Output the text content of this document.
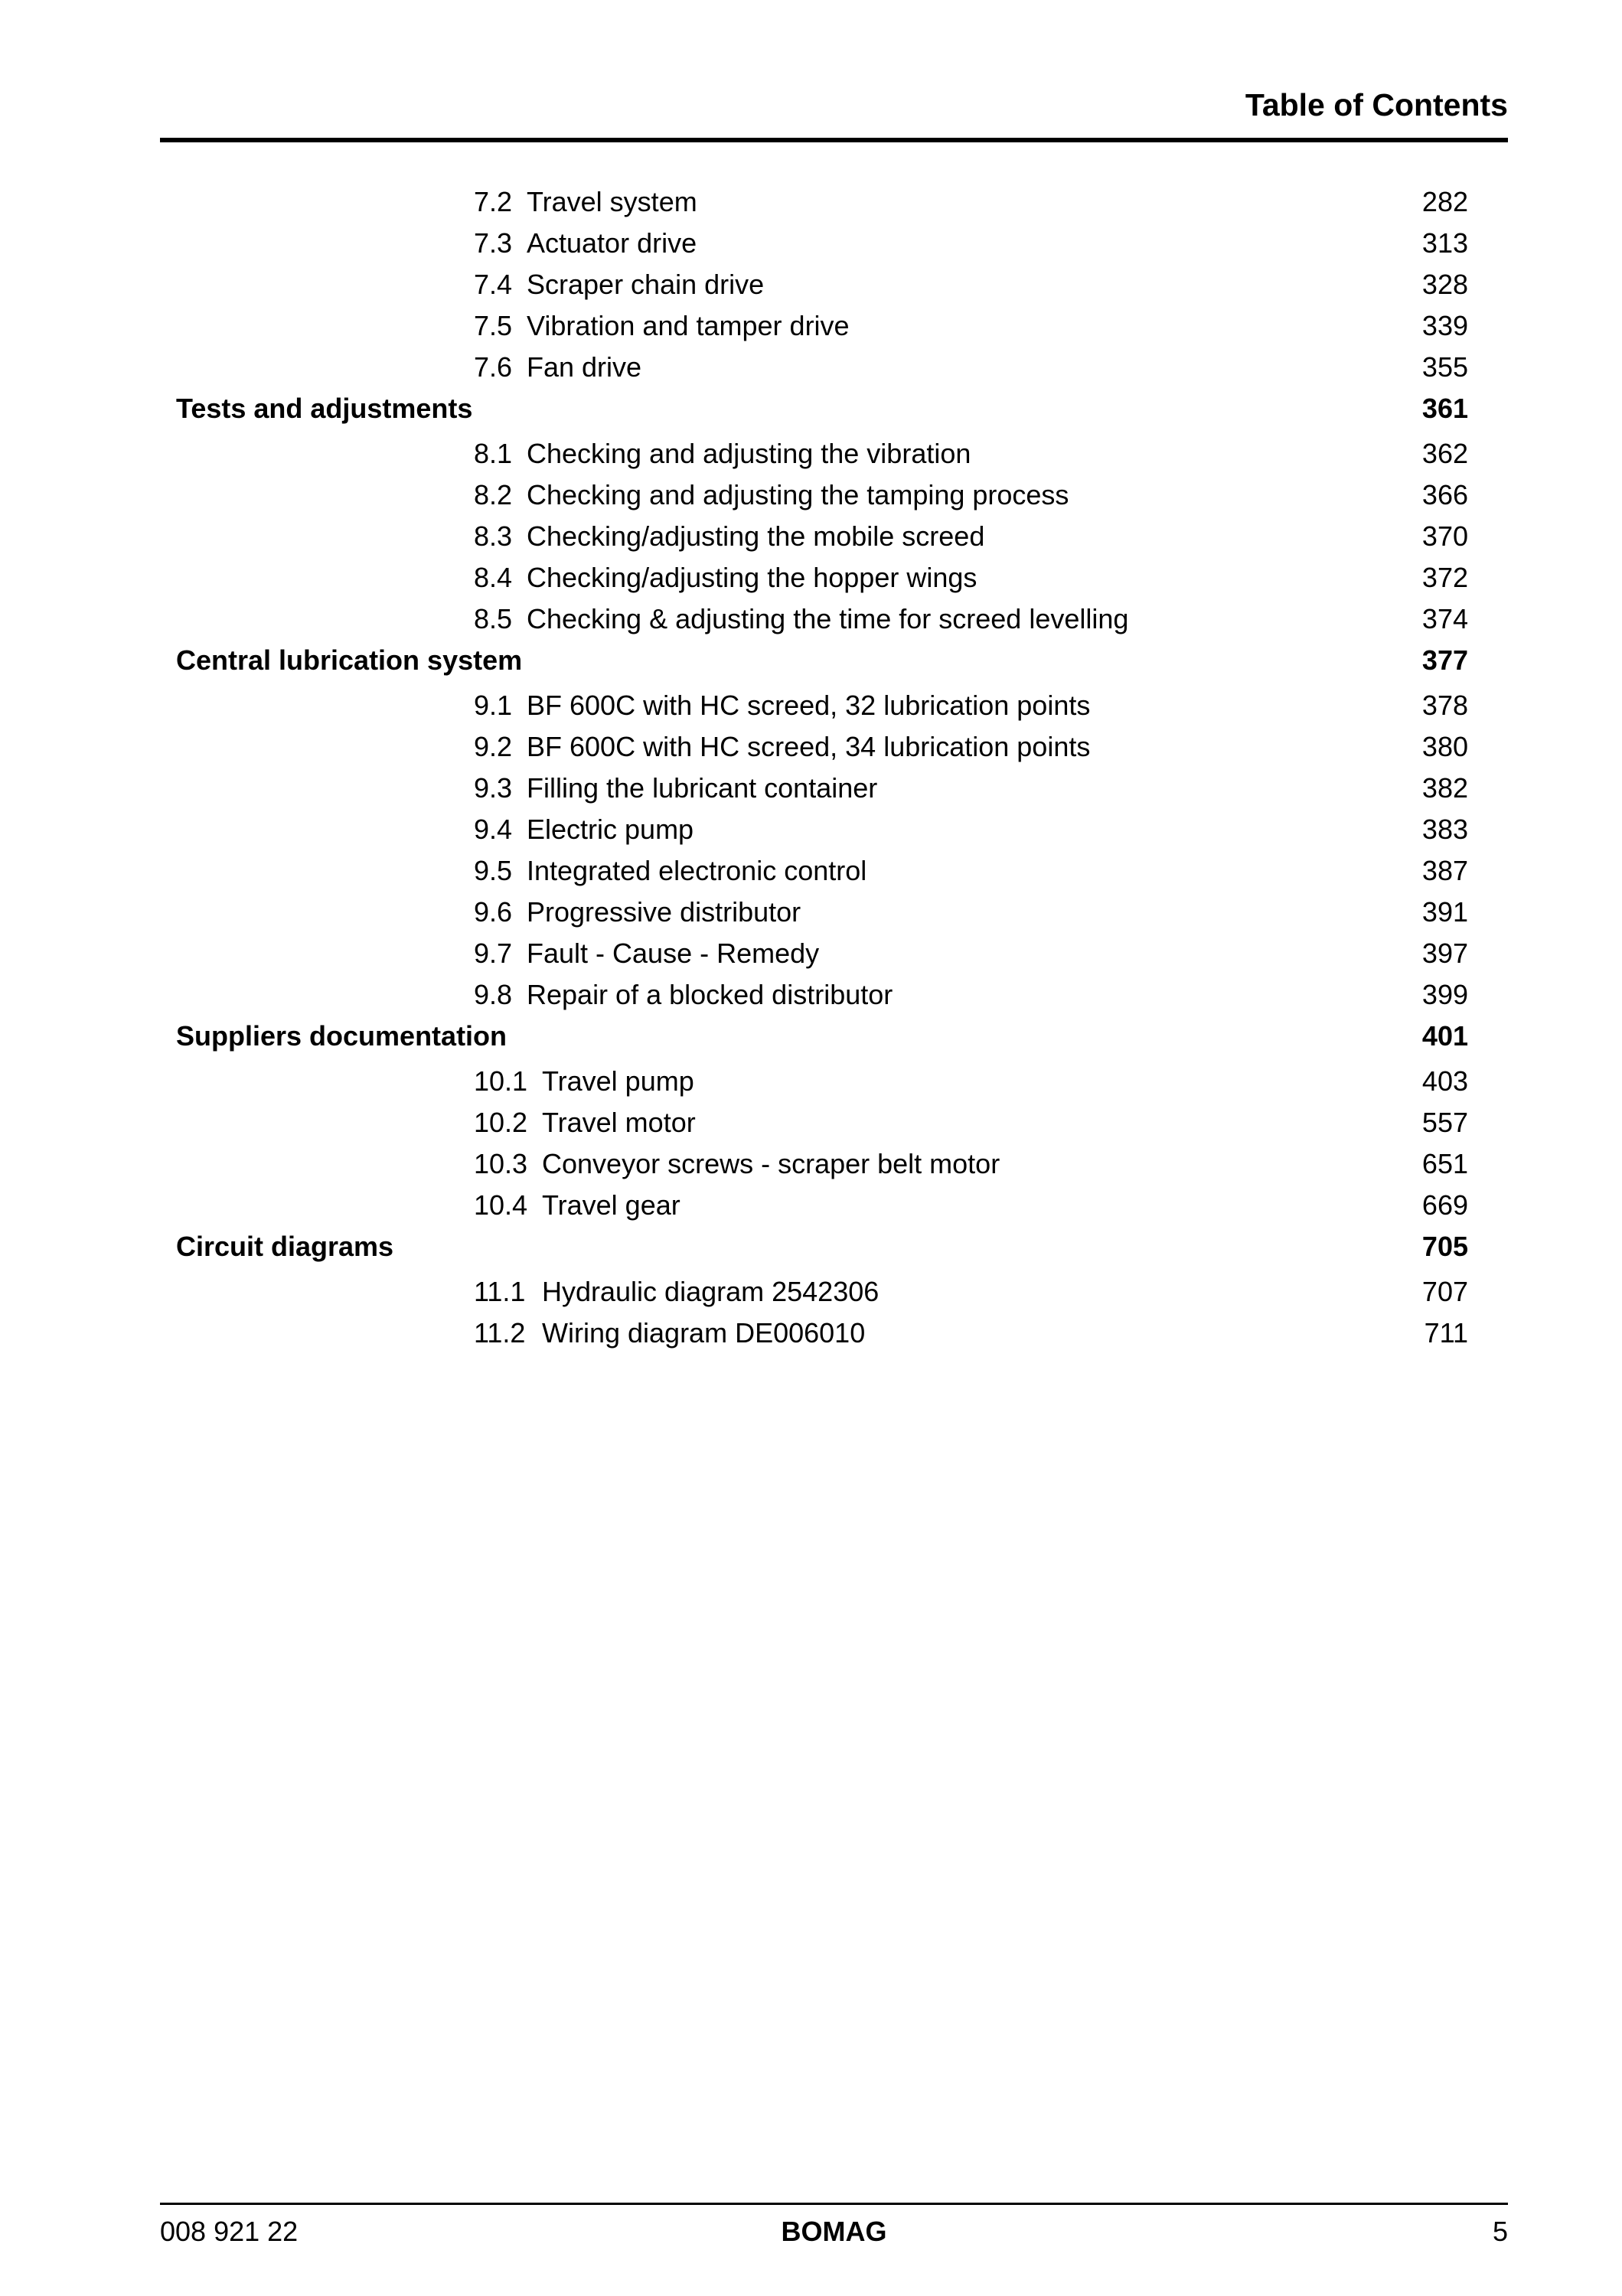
Table of Contents
7.2 Travel system	282
7.3 Actuator drive	313
7.4 Scraper chain drive	328
7.5 Vibration and tamper drive	339
7.6 Fan drive	355
Tests and adjustments	361
8.1 Checking and adjusting the vibration	362
8.2 Checking and adjusting the tamping process	366
8.3 Checking/adjusting the mobile screed	370
8.4 Checking/adjusting the hopper wings	372
8.5 Checking & adjusting the time for screed levelling	374
Central lubrication system	377
9.1 BF 600C with HC screed, 32 lubrication points	378
9.2 BF 600C with HC screed, 34 lubrication points	380
9.3 Filling the lubricant container	382
9.4 Electric pump	383
9.5 Integrated electronic control	387
9.6 Progressive distributor	391
9.7 Fault - Cause - Remedy	397
9.8 Repair of a blocked distributor	399
Suppliers documentation	401
10.1 Travel pump	403
10.2 Travel motor	557
10.3 Conveyor screws - scraper belt motor	651
10.4 Travel gear	669
Circuit diagrams	705
11.1 Hydraulic diagram 2542306	707
11.2 Wiring diagram DE006010	711
008 921 22	BOMAG	5
